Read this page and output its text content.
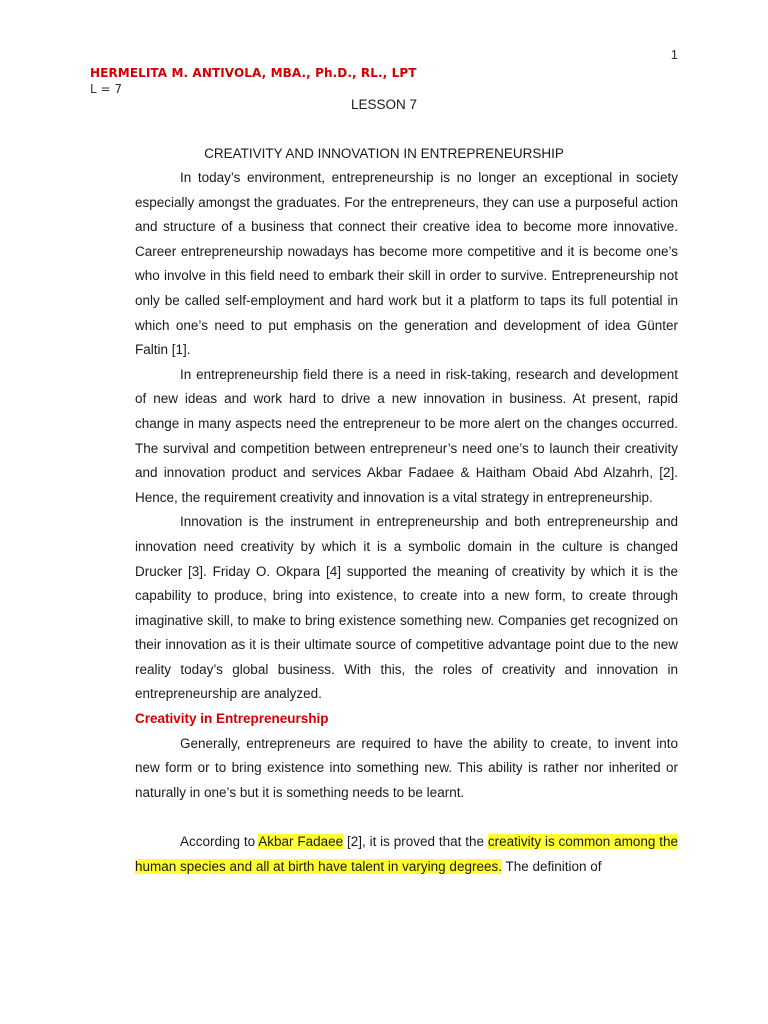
1
HERMELITA M. ANTIVOLA, MBA., Ph.D., RL., LPT
L = 7
LESSON 7
CREATIVITY AND INNOVATION IN ENTREPRENEURSHIP

In today’s environment, entrepreneurship is no longer an exceptional in society especially amongst the graduates. For the entrepreneurs, they can use a purposeful action and structure of a business that connect their creative idea to become more innovative. Career entrepreneurship nowadays has become more competitive and it is become one’s who involve in this field need to embark their skill in order to survive. Entrepreneurship not only be called self-employment and hard work but it a platform to taps its full potential in which one’s need to put emphasis on the generation and development of idea Günter Faltin [1].

In entrepreneurship field there is a need in risk-taking, research and development of new ideas and work hard to drive a new innovation in business. At present, rapid change in many aspects need the entrepreneur to be more alert on the changes occurred. The survival and competition between entrepreneur’s need one’s to launch their creativity and innovation product and services Akbar Fadaee & Haitham Obaid Abd Alzahrh, [2]. Hence, the requirement creativity and innovation is a vital strategy in entrepreneurship.

Innovation is the instrument in entrepreneurship and both entrepreneurship and innovation need creativity by which it is a symbolic domain in the culture is changed Drucker [3]. Friday O. Okpara [4] supported the meaning of creativity by which it is the capability to produce, bring into existence, to create into a new form, to create through imaginative skill, to make to bring existence something new. Companies get recognized on their innovation as it is their ultimate source of competitive advantage point due to the new reality today’s global business. With this, the roles of creativity and innovation in entrepreneurship are analyzed.

Creativity in Entrepreneurship

Generally, entrepreneurs are required to have the ability to create, to invent into new form or to bring existence into something new. This ability is rather nor inherited or naturally in one’s but it is something needs to be learnt.

According to Akbar Fadaee [2], it is proved that the creativity is common among the human species and all at birth have talent in varying degrees. The definition of
